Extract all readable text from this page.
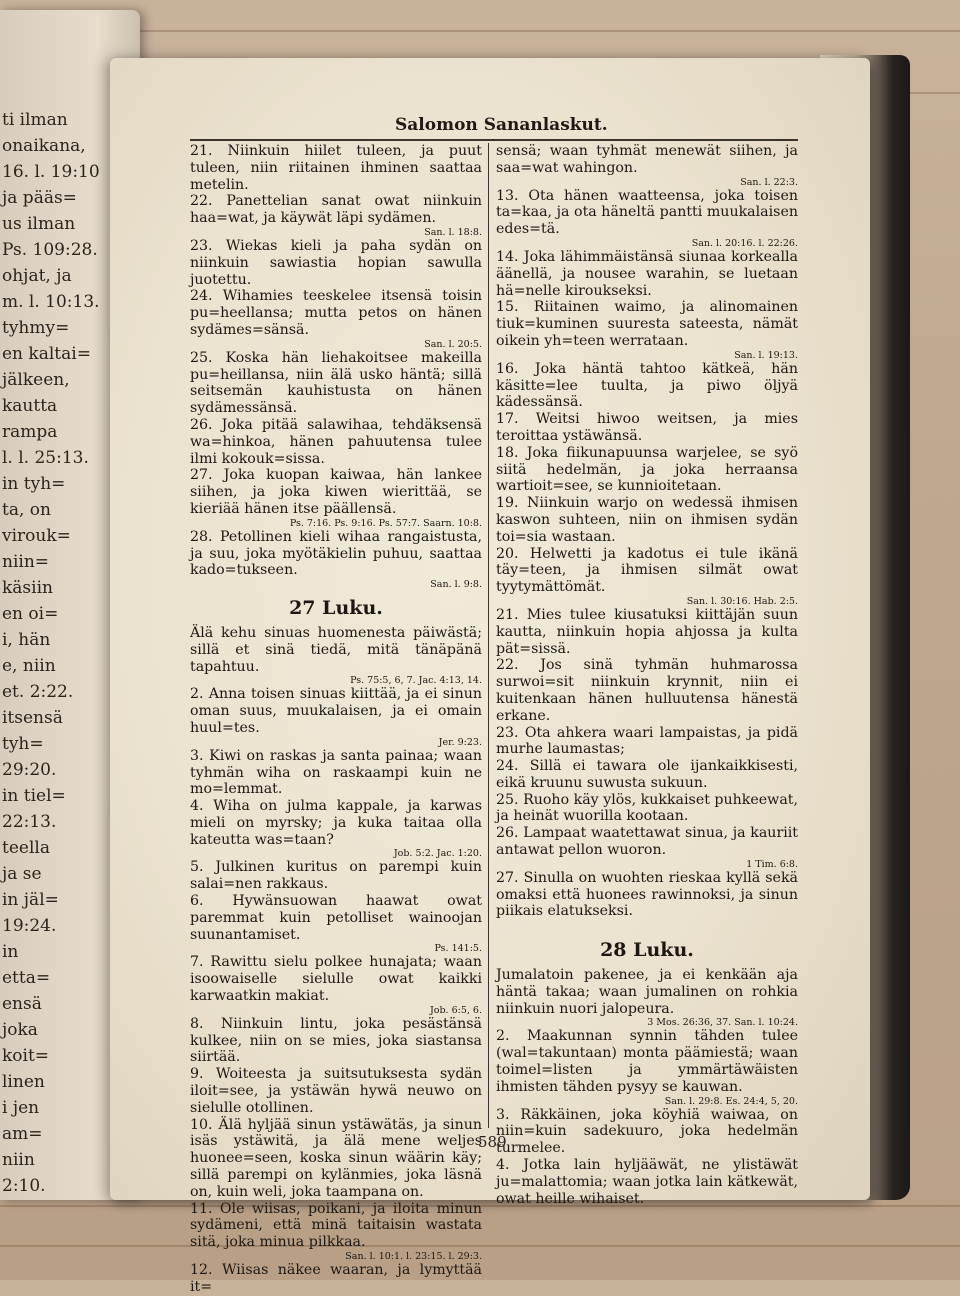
ti ilman
onaikana,
16. l. 19:10
ja pääs=
us ilman
Ps. 109:28.
ohjat, ja
m. l. 10:13.
tyhmy=
en kaltai=
jälkeen,
kautta
rampa
l. l. 25:13.
in tyh=
ta, on
virouk=
niin=
käsiin
en oi=
i, hän
e, niin
et. 2:22.
itsensä
tyh=
29:20.
in tiel=
22:13.
teella
ja se
in jäl=
19:24.
in
etta=
ensä
joka
koit=
linen
i jen
am=
niin
2:10.
Salomon Sananlaskut.

21. Niinkuin hiilet tuleen, ja puut tuleen, niin riitainen ihminen saattaa metelin.

22. Panettelian sanat owat niinkuin haa=wat, ja käywät läpi sydämen.

San. l. 18:8.

23. Wiekas kieli ja paha sydän on niinkuin sawiastia hopian sawulla juotettu.

24. Wihamies teeskelee itsensä toisin pu=heellansa; mutta petos on hänen sydämes=sänsä.

San. l. 20:5.

25. Koska hän liehakoitsee makeilla pu=heillansa, niin älä usko häntä; sillä seitsemän kauhistusta on hänen sydämessänsä.

26. Joka pitää salawihaa, tehdäksensä wa=hinkoa, hänen pahuutensa tulee ilmi kokouk=sissa.

27. Joka kuopan kaiwaa, hän lankee siihen, ja joka kiwen wierittää, se kieriää hänen itse päällensä.

Ps. 7:16. Ps. 9:16. Ps. 57:7. Saarn. 10:8.

28. Petollinen kieli wihaa rangaistusta, ja suu, joka myötäkielin puhuu, saattaa kado=tukseen.

San. l. 9:8.
27 Luku.

Älä kehu sinuas huomenesta päiwästä; sillä et sinä tiedä, mitä tänäpänä tapahtuu.

Ps. 75:5, 6, 7. Jac. 4:13, 14.

2. Anna toisen sinuas kiittää, ja ei sinun oman suus, muukalaisen, ja ei omain huul=tes.

Jer. 9:23.

3. Kiwi on raskas ja santa painaa; waan tyhmän wiha on raskaampi kuin ne mo=lemmat.

4. Wiha on julma kappale, ja karwas mieli on myrsky; ja kuka taitaa olla kateutta was=taan?

Job. 5:2. Jac. 1:20.

5. Julkinen kuritus on parempi kuin salai=nen rakkaus.

6. Hywänsuowan haawat owat paremmat kuin petolliset wainoojan suunantamiset.

Ps. 141:5.

7. Rawittu sielu polkee hunajata; waan isoowaiselle sielulle owat kaikki karwaatkin makiat.

Job. 6:5, 6.

8. Niinkuin lintu, joka pesästänsä kulkee, niin on se mies, joka siastansa siirtää.

9. Woiteesta ja suitsutuksesta sydän iloit=see, ja ystäwän hywä neuwo on sielulle otollinen.

10. Älä hyljää sinun ystäwätäs, ja sinun isäs ystäwitä, ja älä mene weljes huonee=seen, koska sinun wäärin käy; sillä parempi on kylänmies, joka läsnä on, kuin weli, joka taampana on.

11. Ole wiisas, poikani, ja iloita minun sydämeni, että minä taitaisin wastata sitä, joka minua pilkkaa.

San. l. 10:1. l. 23:15. l. 29:3.

12. Wiisas näkee waaran, ja lymyttää it=

sensä; waan tyhmät menewät siihen, ja saa=wat wahingon.

San. l. 22:3.

13. Ota hänen waatteensa, joka toisen ta=kaa, ja ota häneltä pantti muukalaisen edes=tä.

San. l. 20:16. l. 22:26.

14. Joka lähimmäistänsä siunaa korkealla äänellä, ja nousee warahin, se luetaan hä=nelle kiroukseksi.

15. Riitainen waimo, ja alinomainen tiuk=kuminen suuresta sateesta, nämät oikein yh=teen werrataan.

San. l. 19:13.

16. Joka häntä tahtoo kätkeä, hän käsitte=lee tuulta, ja piwo öljyä kädessänsä.

17. Weitsi hiwoo weitsen, ja mies teroittaa ystäwänsä.

18. Joka fiikunapuunsa warjelee, se syö siitä hedelmän, ja joka herraansa wartioit=see, se kunnioitetaan.

19. Niinkuin warjo on wedessä ihmisen kaswon suhteen, niin on ihmisen sydän toi=sia wastaan.

20. Helwetti ja kadotus ei tule ikänä täy=teen, ja ihmisen silmät owat tyytymättömät.

San. l. 30:16. Hab. 2:5.

21. Mies tulee kiusatuksi kiittäjän suun kautta, niinkuin hopia ahjossa ja kulta pät=sissä.

22. Jos sinä tyhmän huhmarossa surwoi=sit niinkuin krynnit, niin ei kuitenkaan hänen hulluutensa hänestä erkane.

23. Ota ahkera waari lampaistas, ja pidä murhe laumastas;

24. Sillä ei tawara ole ijankaikkisesti, eikä kruunu suwusta sukuun.

25. Ruoho käy ylös, kukkaiset puhkeewat, ja heinät wuorilla kootaan.

26. Lampaat waatettawat sinua, ja kauriit antawat pellon wuoron.

1 Tim. 6:8.

27. Sinulla on wuohten rieskaa kyllä sekä omaksi että huonees rawinnoksi, ja sinun piikais elatukseksi.

28 Luku.

Jumalatoin pakenee, ja ei kenkään aja häntä takaa; waan jumalinen on rohkia niinkuin nuori jalopeura.

3 Mos. 26:36, 37. San. l. 10:24.

2. Maakunnan synnin tähden tulee (wal=takuntaan) monta päämiestä; waan toimel=listen ja ymmärtäwäisten ihmisten tähden pysyy se kauwan.

San. l. 29:8. Es. 24:4, 5, 20.

3. Räkkäinen, joka köyhiä waiwaa, on niin=kuin sadekuuro, joka hedelmän turmelee.

4. Jotka lain hyljääwät, ne ylistäwät ju=malattomia; waan jotka lain kätkewät, owat heille wihaiset.

589
